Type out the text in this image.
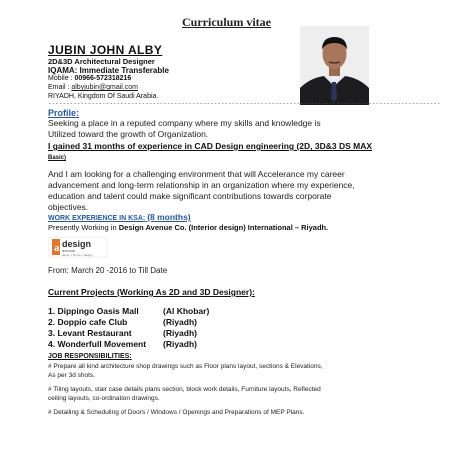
Curriculum vitae
JUBIN JOHN ALBY
2D&3D Architectural Designer
IQAMA: Immediate Transferable
Mobile : 00966-572318216
Email : albyjubin@gmail.com
RIYADH, Kingdom Of Saudi Arabia.
-------------------------------------------------------------------------------------------------------------
Profile:
Seeking a place in a reputed company where my skills and knowledge is
Utilized toward the growth of Organization.
I gained 31 months of experience in CAD Design engineering (2D, 3D&3 DS MAX
Basic)
And I am looking for a challenging environment that will Accelerance my career
advancement and long-term relationship in an organization where my experience,
education and talent could make significant contributions towards corporate
objectives.
WORK EXPERIENCE IN KSA: (8 months)
Presently Working in Design Avenue Co. (Interior design) International – Riyadh.
a design
avenue
decor + fit-out + design
From: March 20 -2016 to Till Date
Current Projects (Working As 2D and 3D Designer):
1. Dippingo Oasis Mall	(Al Khobar)
2. Doppio cafe Club	(Riyadh)
3. Levant Restaurant	(Riyadh)
4. Wonderfull Movement (Riyadh)
JOB RESPONSIBILITIES:
# Prepare all kind architecture shop drawings such as Floor plans layout, sections & Elevations,
As per 3d shots.
# Tiling layouts, stair case details plans section, block work details, Furniture layouts, Reflected
ceiling layouts, co-ordination drawings.
# Detailing & Scheduling of Doors / Windows / Openings and Preparations of MEP Plans.
